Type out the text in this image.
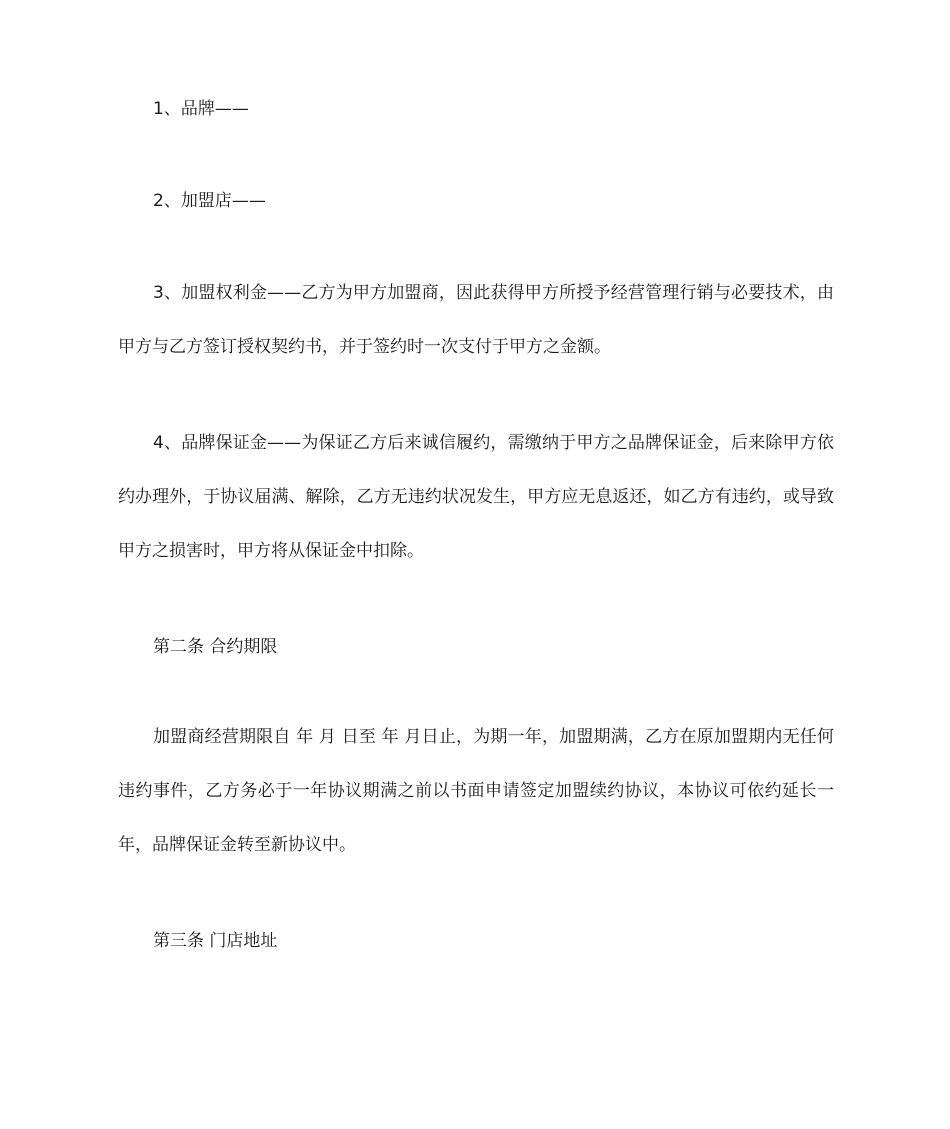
1、品牌——

2、加盟店——

3、加盟权利金——乙方为甲方加盟商，因此获得甲方所授予经营管理行销与必要技术，由甲方与乙方签订授权契约书，并于签约时一次支付于甲方之金额。

4、品牌保证金——为保证乙方后来诚信履约，需缴纳于甲方之品牌保证金，后来除甲方依约办理外，于协议届满、解除，乙方无违约状况发生，甲方应无息返还，如乙方有违约，或导致甲方之损害时，甲方将从保证金中扣除。

第二条 合约期限

加盟商经营期限自 年 月 日至 年 月日止，为期一年，加盟期满，乙方在原加盟期内无任何违约事件，乙方务必于一年协议期满之前以书面申请签定加盟续约协议，本协议可依约延长一年，品牌保证金转至新协议中。

第三条 门店地址
